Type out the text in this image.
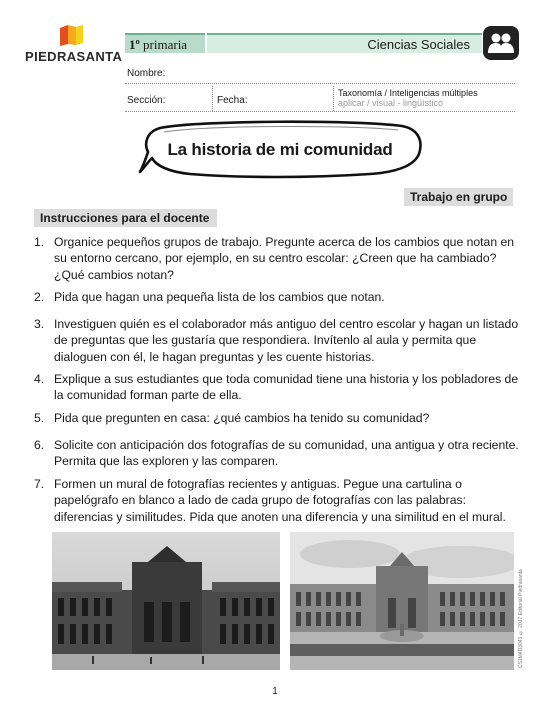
PIEDRASANTA
1º primaria	Ciencias Sociales
Nombre:
Sección:	Fecha:
Taxonomía / Inteligencias múltiples
aplicar / visual - lingüístico
La historia de mi comunidad
Trabajo en grupo
Instrucciones para el docente
1. Organice pequeños grupos de trabajo. Pregunte acerca de los cambios que notan en su entorno cercano, por ejemplo, en su centro escolar: ¿Creen que ha cambiado? ¿Qué cambios notan?
2. Pida que hagan una pequeña lista de los cambios que notan.
3. Investiguen quién es el colaborador más antiguo del centro escolar y hagan un listado de preguntas que les gustaría que respondiera. Invítenlo al aula y permita que dialoguen con él, le hagan preguntas y les cuente historias.
4. Explique a sus estudiantes que toda comunidad tiene una historia y los pobladores de la comunidad forman parte de ella.
5. Pida que pregunten en casa: ¿qué cambios ha tenido su comunidad?
6. Solicite con anticipación dos fotografías de su comunidad, una antigua y otra reciente. Permita que las exploren y las comparen.
7. Formen un mural de fotografías recientes y antiguas. Pegue una cartulina o papelógrafo en blanco a lado de cada grupo de fotografías con las palabras: diferencias y similitudes. Pida que anoten una diferencia y una similitud en el mural.
CS1M4D3041 © 2017 Editorial Piedrasanta
1
